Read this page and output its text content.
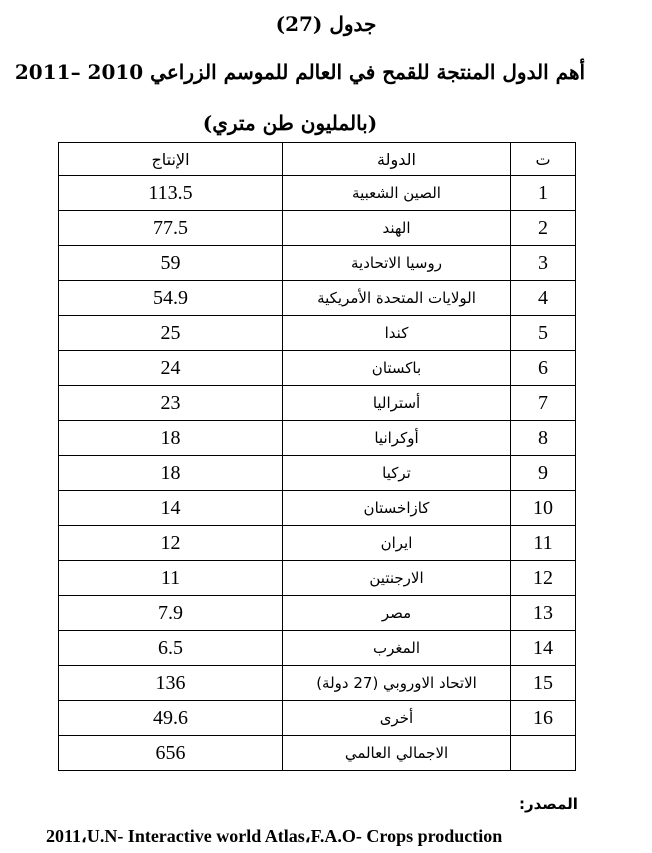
جدول (27)
أهم الدول المنتجة للقمح في العالم للموسم الزراعي 2010 –2011
(بالمليون طن متري)
الإنتاج	الدولة	ت
113.5	الصين الشعبية	1
77.5	الهند	2
59	روسيا الاتحادية	3
54.9	الولايات المتحدة الأمريكية	4
25	كندا	5
24	باكستان	6
23	أستراليا	7
18	أوكرانيا	8
18	تركيا	9
14	كازاخستان	10
12	ايران	11
11	الارجنتين	12
7.9	مصر	13
6.5	المغرب	14
136	الاتحاد الاوروبي (27 دولة)	15
49.6	أخرى	16
656	الاجمالي العالمي	
المصدر:
2011،U.N- Interactive world Atlas،F.A.O- Crops production
